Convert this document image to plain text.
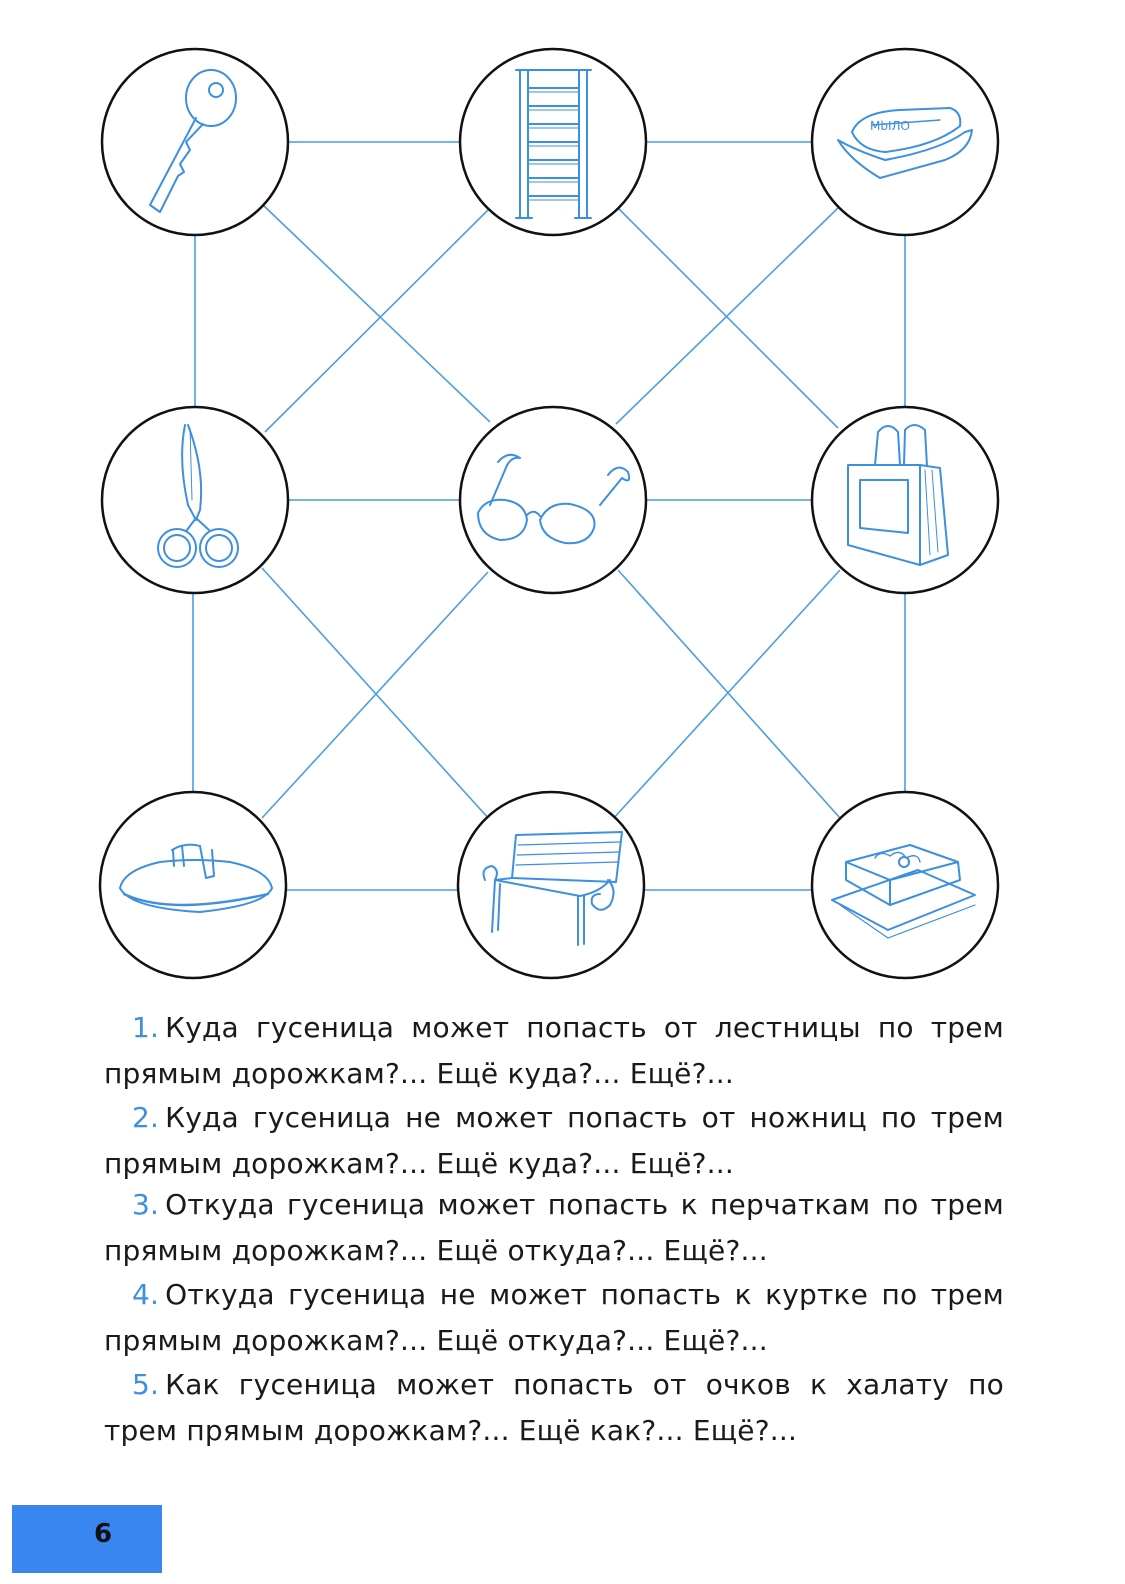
MbIЛО
1. Куда гусеница может попасть от лестницы по трем прямым дорожкам?... Ещё куда?... Ещё?...
2. Куда гусеница не может попасть от ножниц по трем прямым дорожкам?... Ещё куда?... Ещё?...
3. Откуда гусеница может попасть к перчаткам по трем прямым дорожкам?... Ещё откуда?... Ещё?...
4. Откуда гусеница не может попасть к куртке по трем прямым дорожкам?... Ещё откуда?... Ещё?...
5. Как гусеница может попасть от очков к халату по трем прямым дорожкам?... Ещё как?... Ещё?...
6
